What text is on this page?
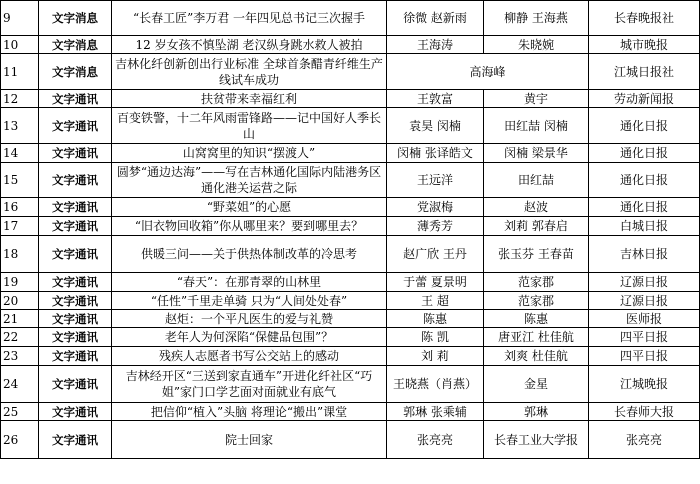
9	文字消息	“长春工匠”李万君 一年四见总书记三次握手	徐微 赵新雨	柳静 王海燕	长春晚报社
10	文字消息	12 岁女孩不慎坠湖 老汉纵身跳水救人被拍	王海涛	朱晓婉	城市晚报
11	文字消息	吉林化纤创新创出行业标准 全球首条醋青纤维生产线试车成功	高海峰		江城日报社
12	文字通讯	扶贫带来幸福红利	王敦富	黄宇	劳动新闻报
13	文字通讯	百变铁警，十二年风雨雷锋路——记中国好人季长山	袁昊 闵楠	田红喆 闵楠	通化日报
14	文字通讯	山窝窝里的知识“摆渡人”	闵楠 张译皓文	闵楠 梁景华	通化日报
15	文字通讯	圆梦“通边达海”——写在吉林通化国际内陆港务区通化港关运营之际	王远洋	田红喆	通化日报
16	文字通讯	“野菜姐”的心愿	党淑梅	赵波	通化日报
17	文字通讯	“旧衣物回收箱”你从哪里来？要到哪里去？	薄秀芳	刘莉 郭春启	白城日报
18	文字通讯	供暖三问——关于供热体制改革的冷思考	赵广欣 王丹	张玉芬 王春苗	吉林日报
19	文字通讯	“春天”：在那青翠的山林里	于蕾 夏景明	范家郡	辽源日报
20	文字通讯	“任性”千里走单骑 只为“人间处处春”	王 超	范家郡	辽源日报
21	文字通讯	赵炬：一个平凡医生的爱与礼赞	陈惠	陈惠	医师报
22	文字通讯	老年人为何深陷“保健品包围”？	陈 凯	唐亚江 杜佳航	四平日报
23	文字通讯	残疾人志愿者书写公交站上的感动	刘 莉	刘爽 杜佳航	四平日报
24	文字通讯	吉林经开区“三送到家直通车”开进化纤社区“巧姐”家门口学艺面对面就业有底气	王晓燕（肖燕）	金星	江城晚报
25	文字通讯	把信仰“植入”头脑 将理论“搬出”课堂	郭琳 张乘辅	郭琳	长春师大报
26	文字通讯	院士回家	张亮亮	长春工业大学报	张亮亮
